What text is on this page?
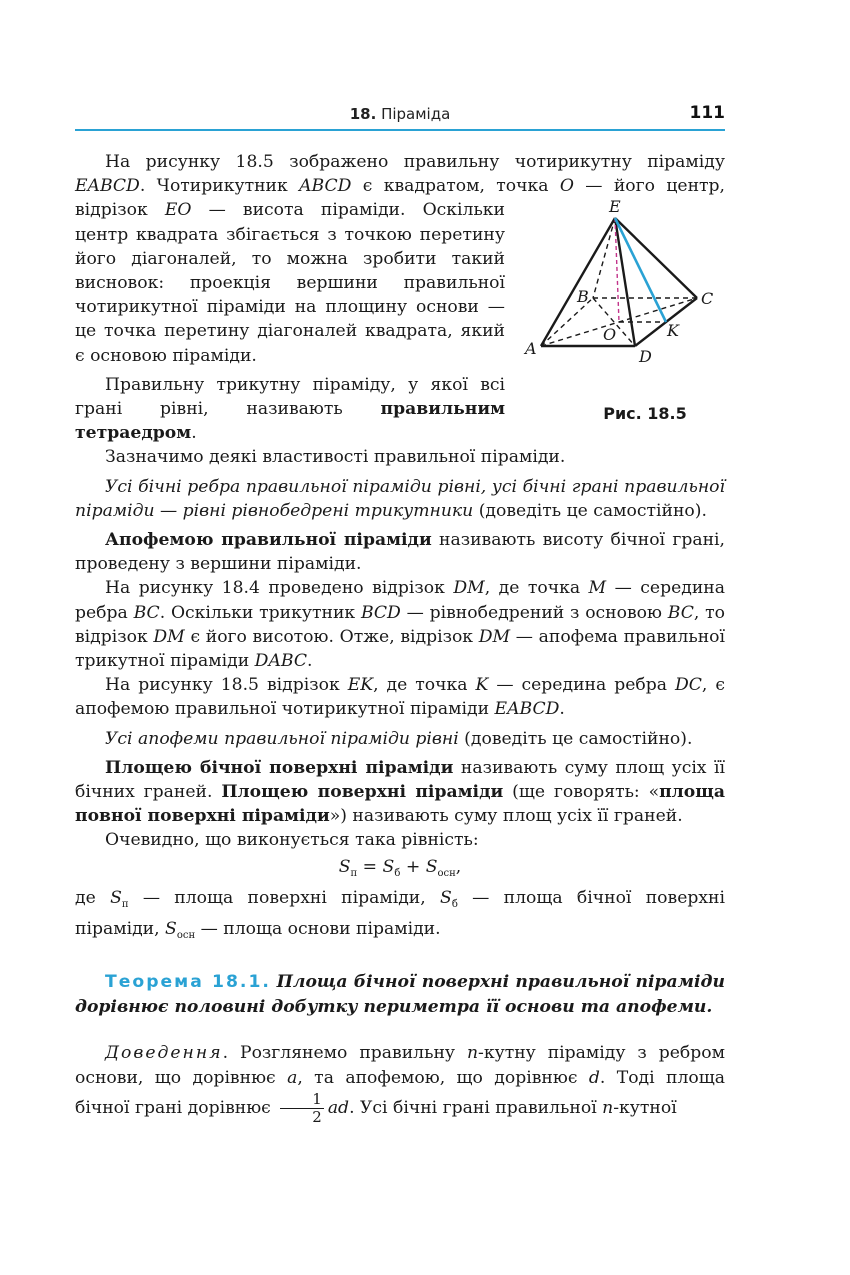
18. Піраміда	111

На рисунку 18.5 зображено правильну чотирикутну піраміду EABCD. Чотирикутник ABCD є квадратом, точка O — його центр, відрізок	E
B	C
O	K
A	D
Рис. 18.5
EO — висота піраміди. Оскільки центр квадрата збігається з точкою перетину його діагоналей, то можна зробити такий висновок: проекція вершини правильної чотирикутної піраміди на площину основи — це точка перетину діагоналей квадрата, який є основою піраміди.

Правильну трикутну піраміду, у якої всі грані рівні, називають правильним тетраедром.

Зазначимо деякі властивості правильної піраміди.

Усі бічні ребра правильної піраміди рівні, усі бічні грані правильної піраміди — рівні рівнобедрені трикутники (доведіть це самостійно).

Апофемою правильної піраміди називають висоту бічної грані, проведену з вершини піраміди.

На рисунку 18.4 проведено відрізок DM, де точка M — середина ребра BC. Оскільки трикутник BCD — рівнобедрений з основою BC, то відрізок DM є його висотою. Отже, відрізок DM — апофема правильної трикутної піраміди DABC.

На рисунку 18.5 відрізок EK, де точка K — середина ребра DC, є апофемою правильної чотирикутної піраміди EABCD.

Усі апофеми правильної піраміди рівні (доведіть це самостійно).

Площею бічної поверхні піраміди називають суму площ усіх її бічних граней. Площею поверхні піраміди (ще говорять: «площа повної поверхні піраміди») називають суму площ усіх її граней.

Очевидно, що виконується така рівність:

$S_п = S_б + S_{осн}$,

де $S_п$ — площа поверхні піраміди, $S_б$ — площа бічної поверхні піраміди, $S_{осн}$ — площа основи піраміди.

Теорема 18.1. Площа бічної поверхні правильної піраміди дорівнює половині добутку периметра її основи та апофеми.

Доведення. Розглянемо правильну n-кутну піраміду з ребром основи, що дорівнює a, та апофемою, що дорівнює d. Тоді площа бічної грані дорівнює $\frac{1}{2}$ ad. Усі бічні грані правильної n-кутної
